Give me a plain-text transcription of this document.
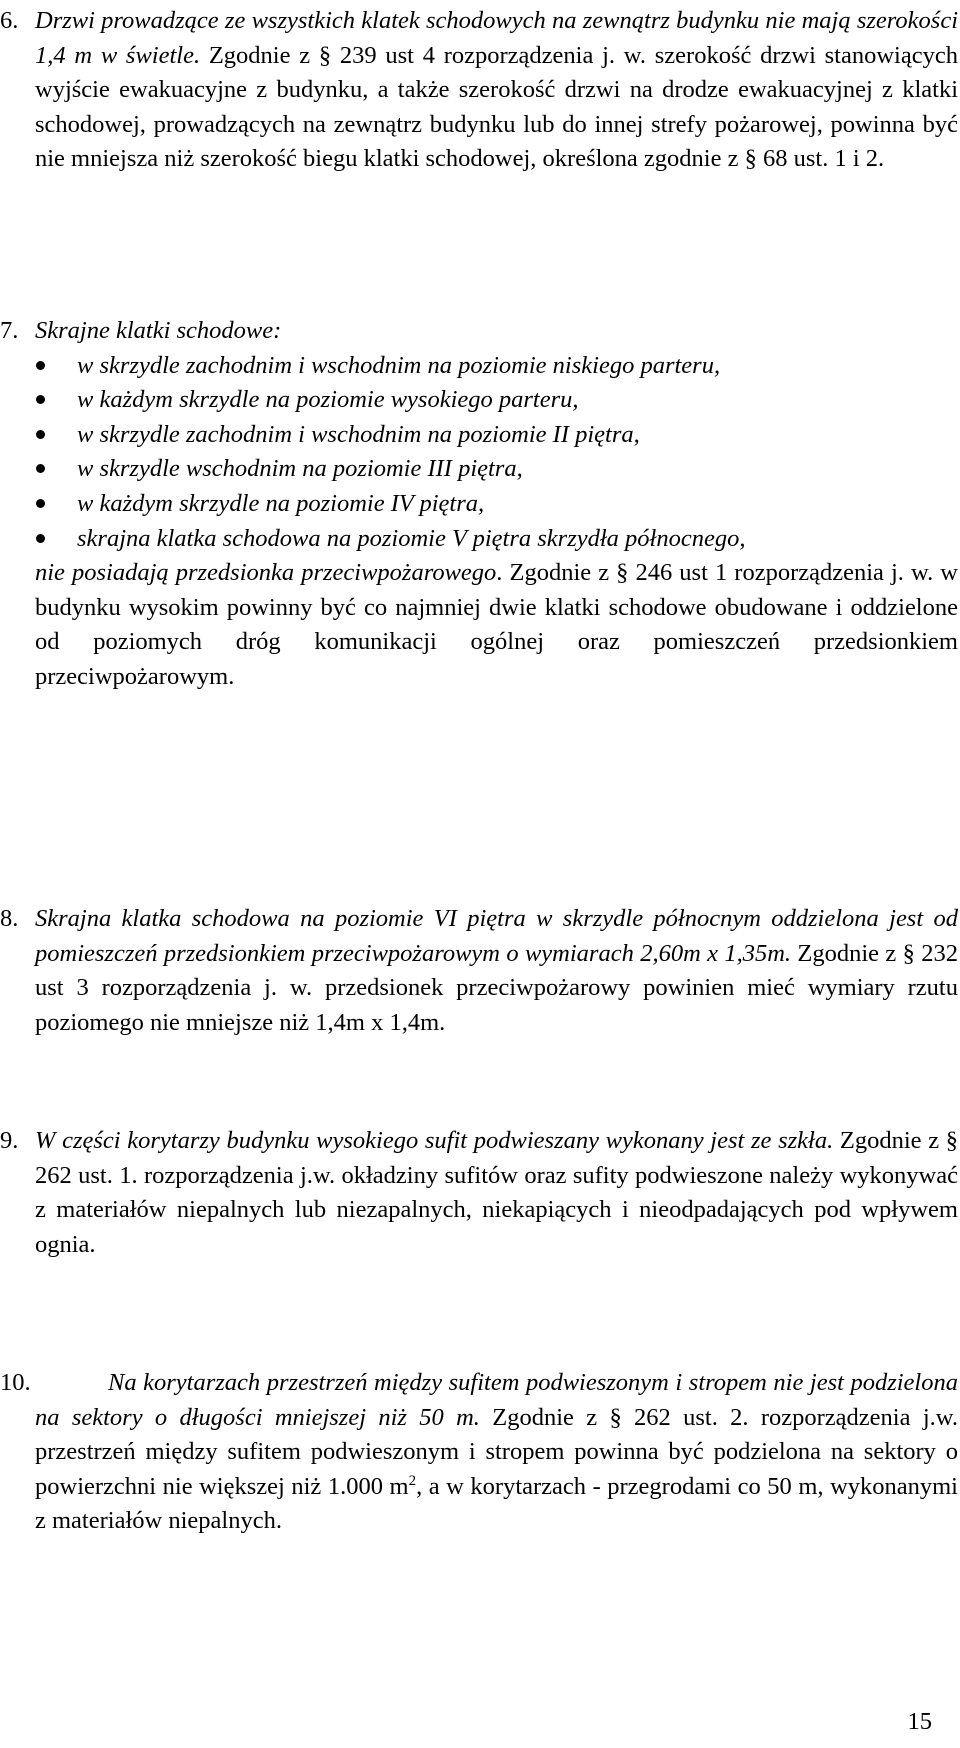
6. Drzwi prowadzące ze wszystkich klatek schodowych na zewnątrz budynku nie mają szerokości 1,4 m w świetle. Zgodnie z § 239 ust 4 rozporządzenia j. w. szerokość drzwi stanowiących wyjście ewakuacyjne z budynku, a także szerokość drzwi na drodze ewakuacyjnej z klatki schodowej, prowadzących na zewnątrz budynku lub do innej strefy pożarowej, powinna być nie mniejsza niż szerokość biegu klatki schodowej, określona zgodnie z § 68 ust. 1 i 2.
7. Skrajne klatki schodowe:
w skrzydle zachodnim i wschodnim na poziomie niskiego parteru,
w każdym skrzydle na poziomie wysokiego parteru,
w skrzydle zachodnim i wschodnim na poziomie II piętra,
w skrzydle wschodnim na poziomie III piętra,
w każdym skrzydle na poziomie IV piętra,
skrajna klatka schodowa na poziomie V piętra skrzydła północnego,
nie posiadają przedsionka przeciwpożarowego. Zgodnie z § 246 ust 1 rozporządzenia j. w. w budynku wysokim powinny być co najmniej dwie klatki schodowe obudowane i oddzielone od poziomych dróg komunikacji ogólnej oraz pomieszczeń przedsionkiem przeciwpożarowym.
8. Skrajna klatka schodowa na poziomie VI piętra w skrzydle północnym oddzielona jest od pomieszczeń przedsionkiem przeciwpożarowym o wymiarach 2,60m x 1,35m. Zgodnie z § 232 ust 3 rozporządzenia j. w. przedsionek przeciwpożarowy powinien mieć wymiary rzutu poziomego nie mniejsze niż 1,4m x 1,4m.
9. W części korytarzy budynku wysokiego sufit podwieszany wykonany jest ze szkła. Zgodnie z § 262 ust. 1. rozporządzenia j.w. okładziny sufitów oraz sufity podwieszone należy wykonywać z materiałów niepalnych lub niezapalnych, niekapiących i nieodpadających pod wpływem ognia.
10.	Na korytarzach przestrzeń między sufitem podwieszonym i stropem nie jest podzielona na sektory o długości mniejszej niż 50 m. Zgodnie z § 262 ust. 2. rozporządzenia j.w. przestrzeń między sufitem podwieszonym i stropem powinna być podzielona na sektory o powierzchni nie większej niż 1.000 $m^2$, a w korytarzach - przegrodami co 50 m, wykonanymi z materiałów niepalnych.
15
